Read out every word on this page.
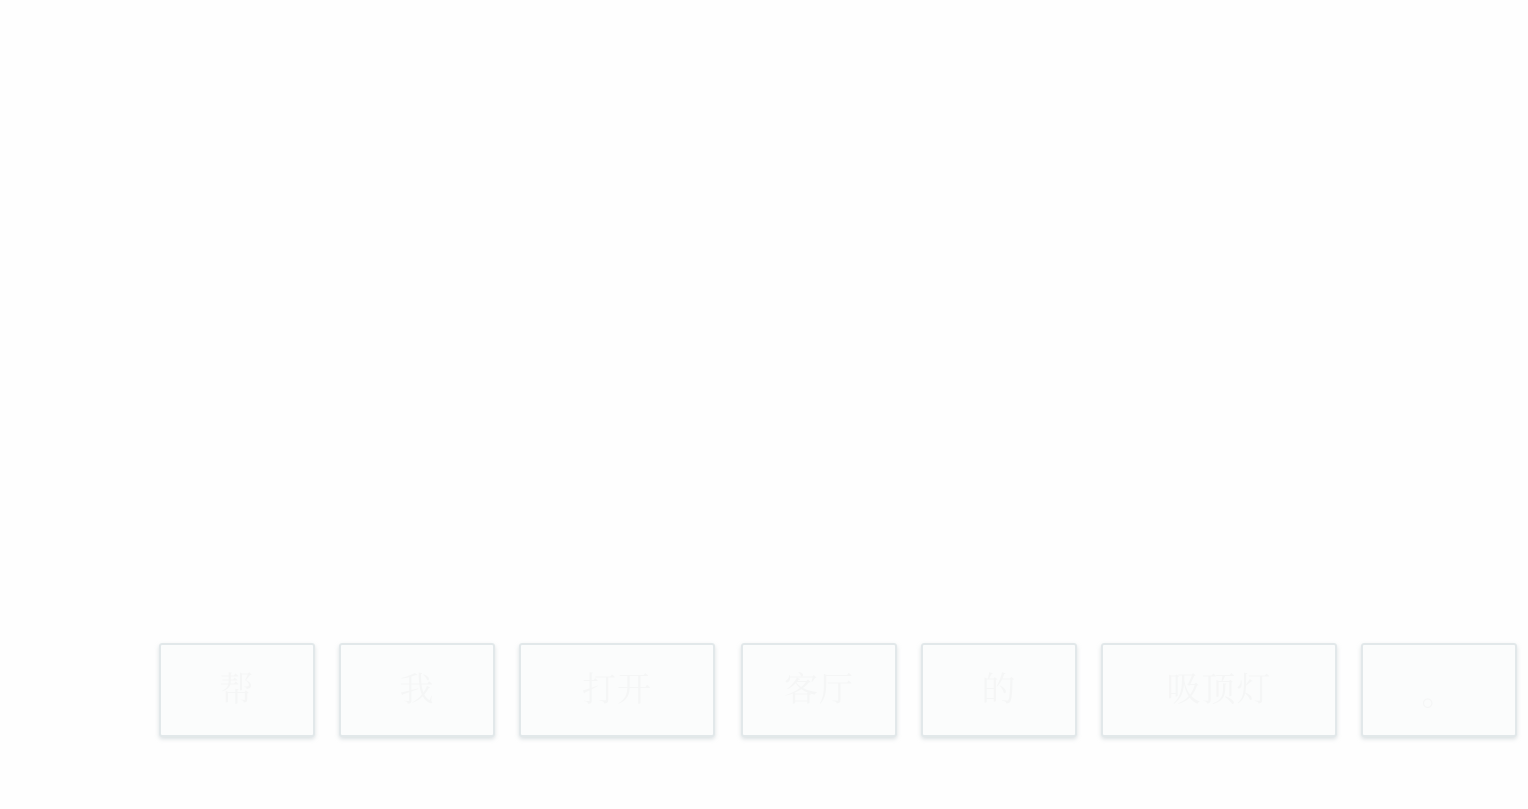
帮	我	打开	客厅	的	吸顶灯	。
